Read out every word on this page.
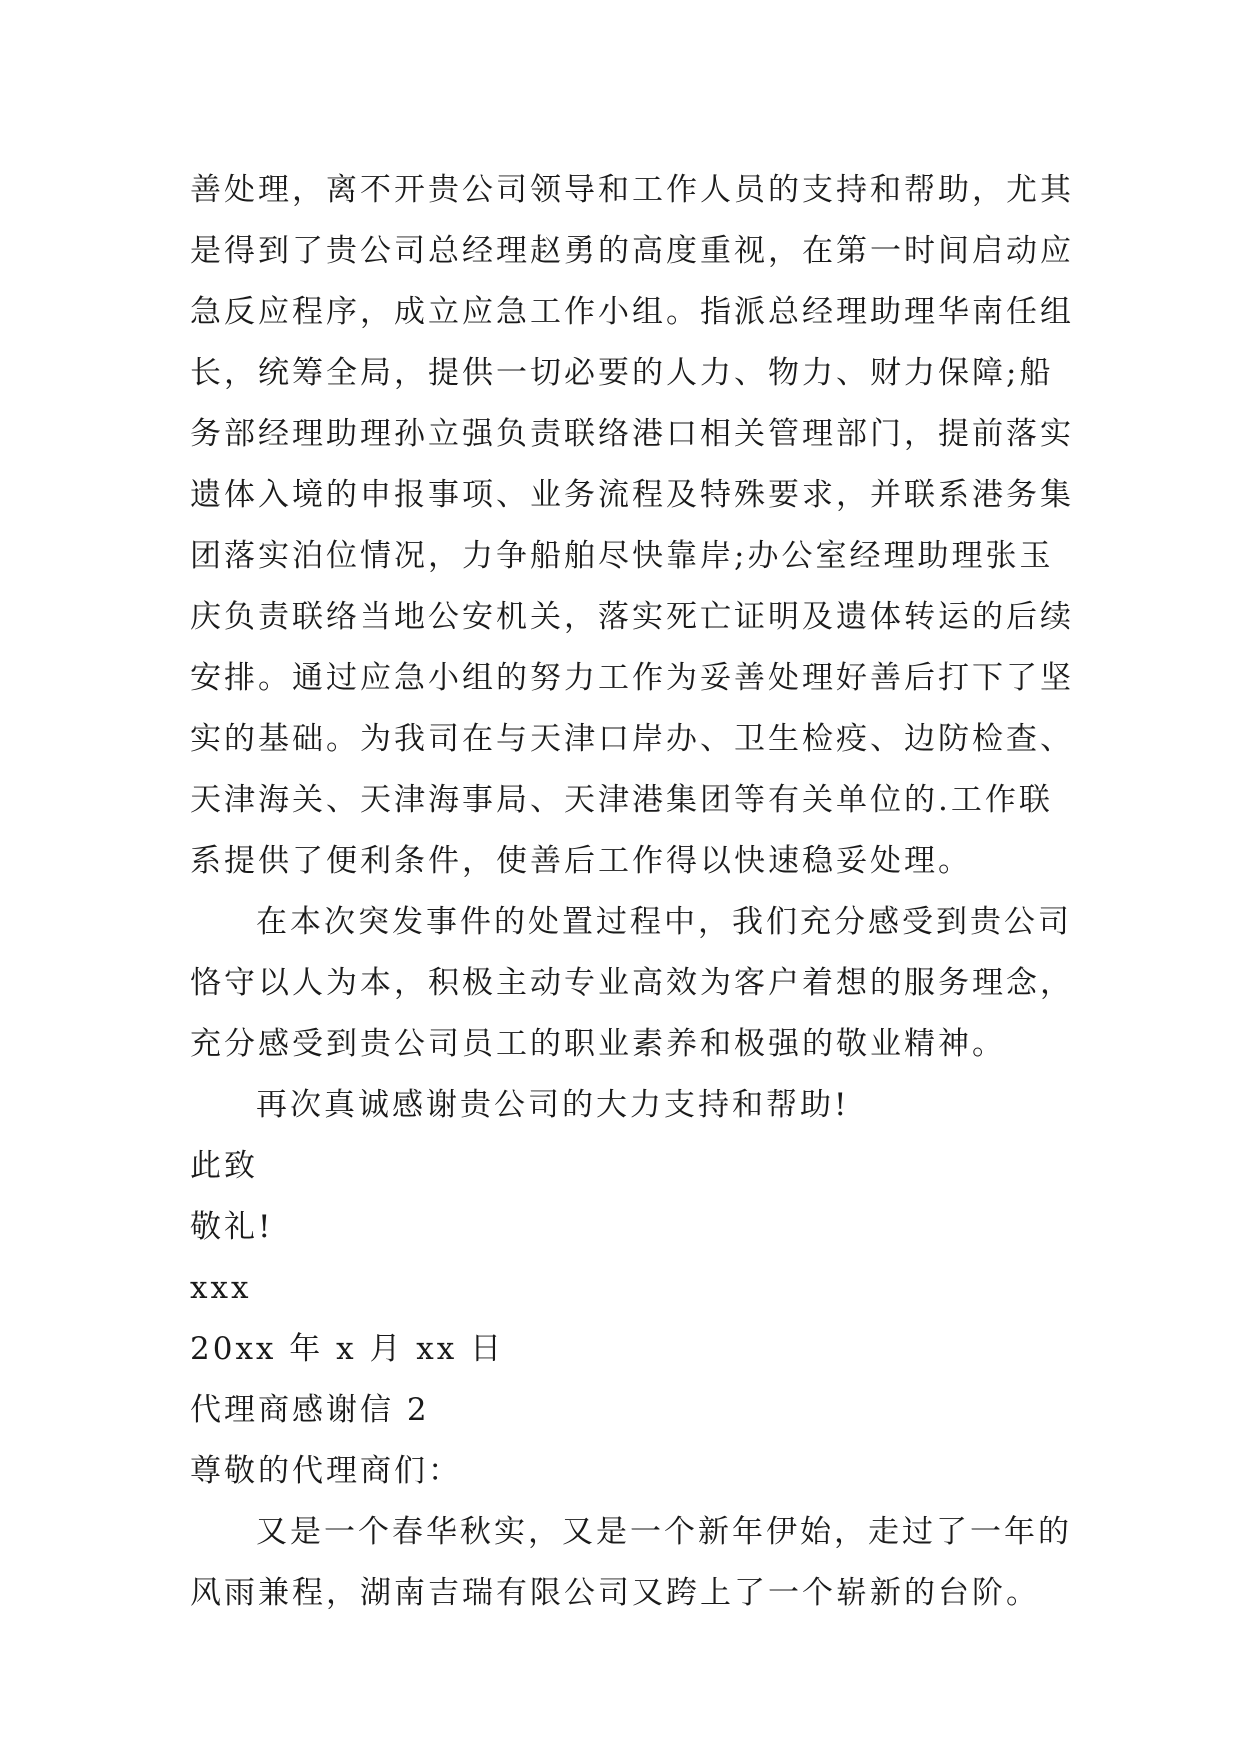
善处理，离不开贵公司领导和工作人员的支持和帮助，尤其
是得到了贵公司总经理赵勇的高度重视，在第一时间启动应
急反应程序，成立应急工作小组。指派总经理助理华南任组
长，统筹全局，提供一切必要的人力、物力、财力保障;船
务部经理助理孙立强负责联络港口相关管理部门，提前落实
遗体入境的申报事项、业务流程及特殊要求，并联系港务集
团落实泊位情况，力争船舶尽快靠岸;办公室经理助理张玉
庆负责联络当地公安机关，落实死亡证明及遗体转运的后续
安排。通过应急小组的努力工作为妥善处理好善后打下了坚
实的基础。为我司在与天津口岸办、卫生检疫、边防检查、
天津海关、天津海事局、天津港集团等有关单位的.工作联
系提供了便利条件，使善后工作得以快速稳妥处理。
在本次突发事件的处置过程中，我们充分感受到贵公司
恪守以人为本，积极主动专业高效为客户着想的服务理念，
充分感受到贵公司员工的职业素养和极强的敬业精神。
再次真诚感谢贵公司的大力支持和帮助!
此致
敬礼!
xxx
20xx 年 x 月 xx 日
代理商感谢信 2
尊敬的代理商们：
又是一个春华秋实，又是一个新年伊始，走过了一年的
风雨兼程，湖南吉瑞有限公司又跨上了一个崭新的台阶。
